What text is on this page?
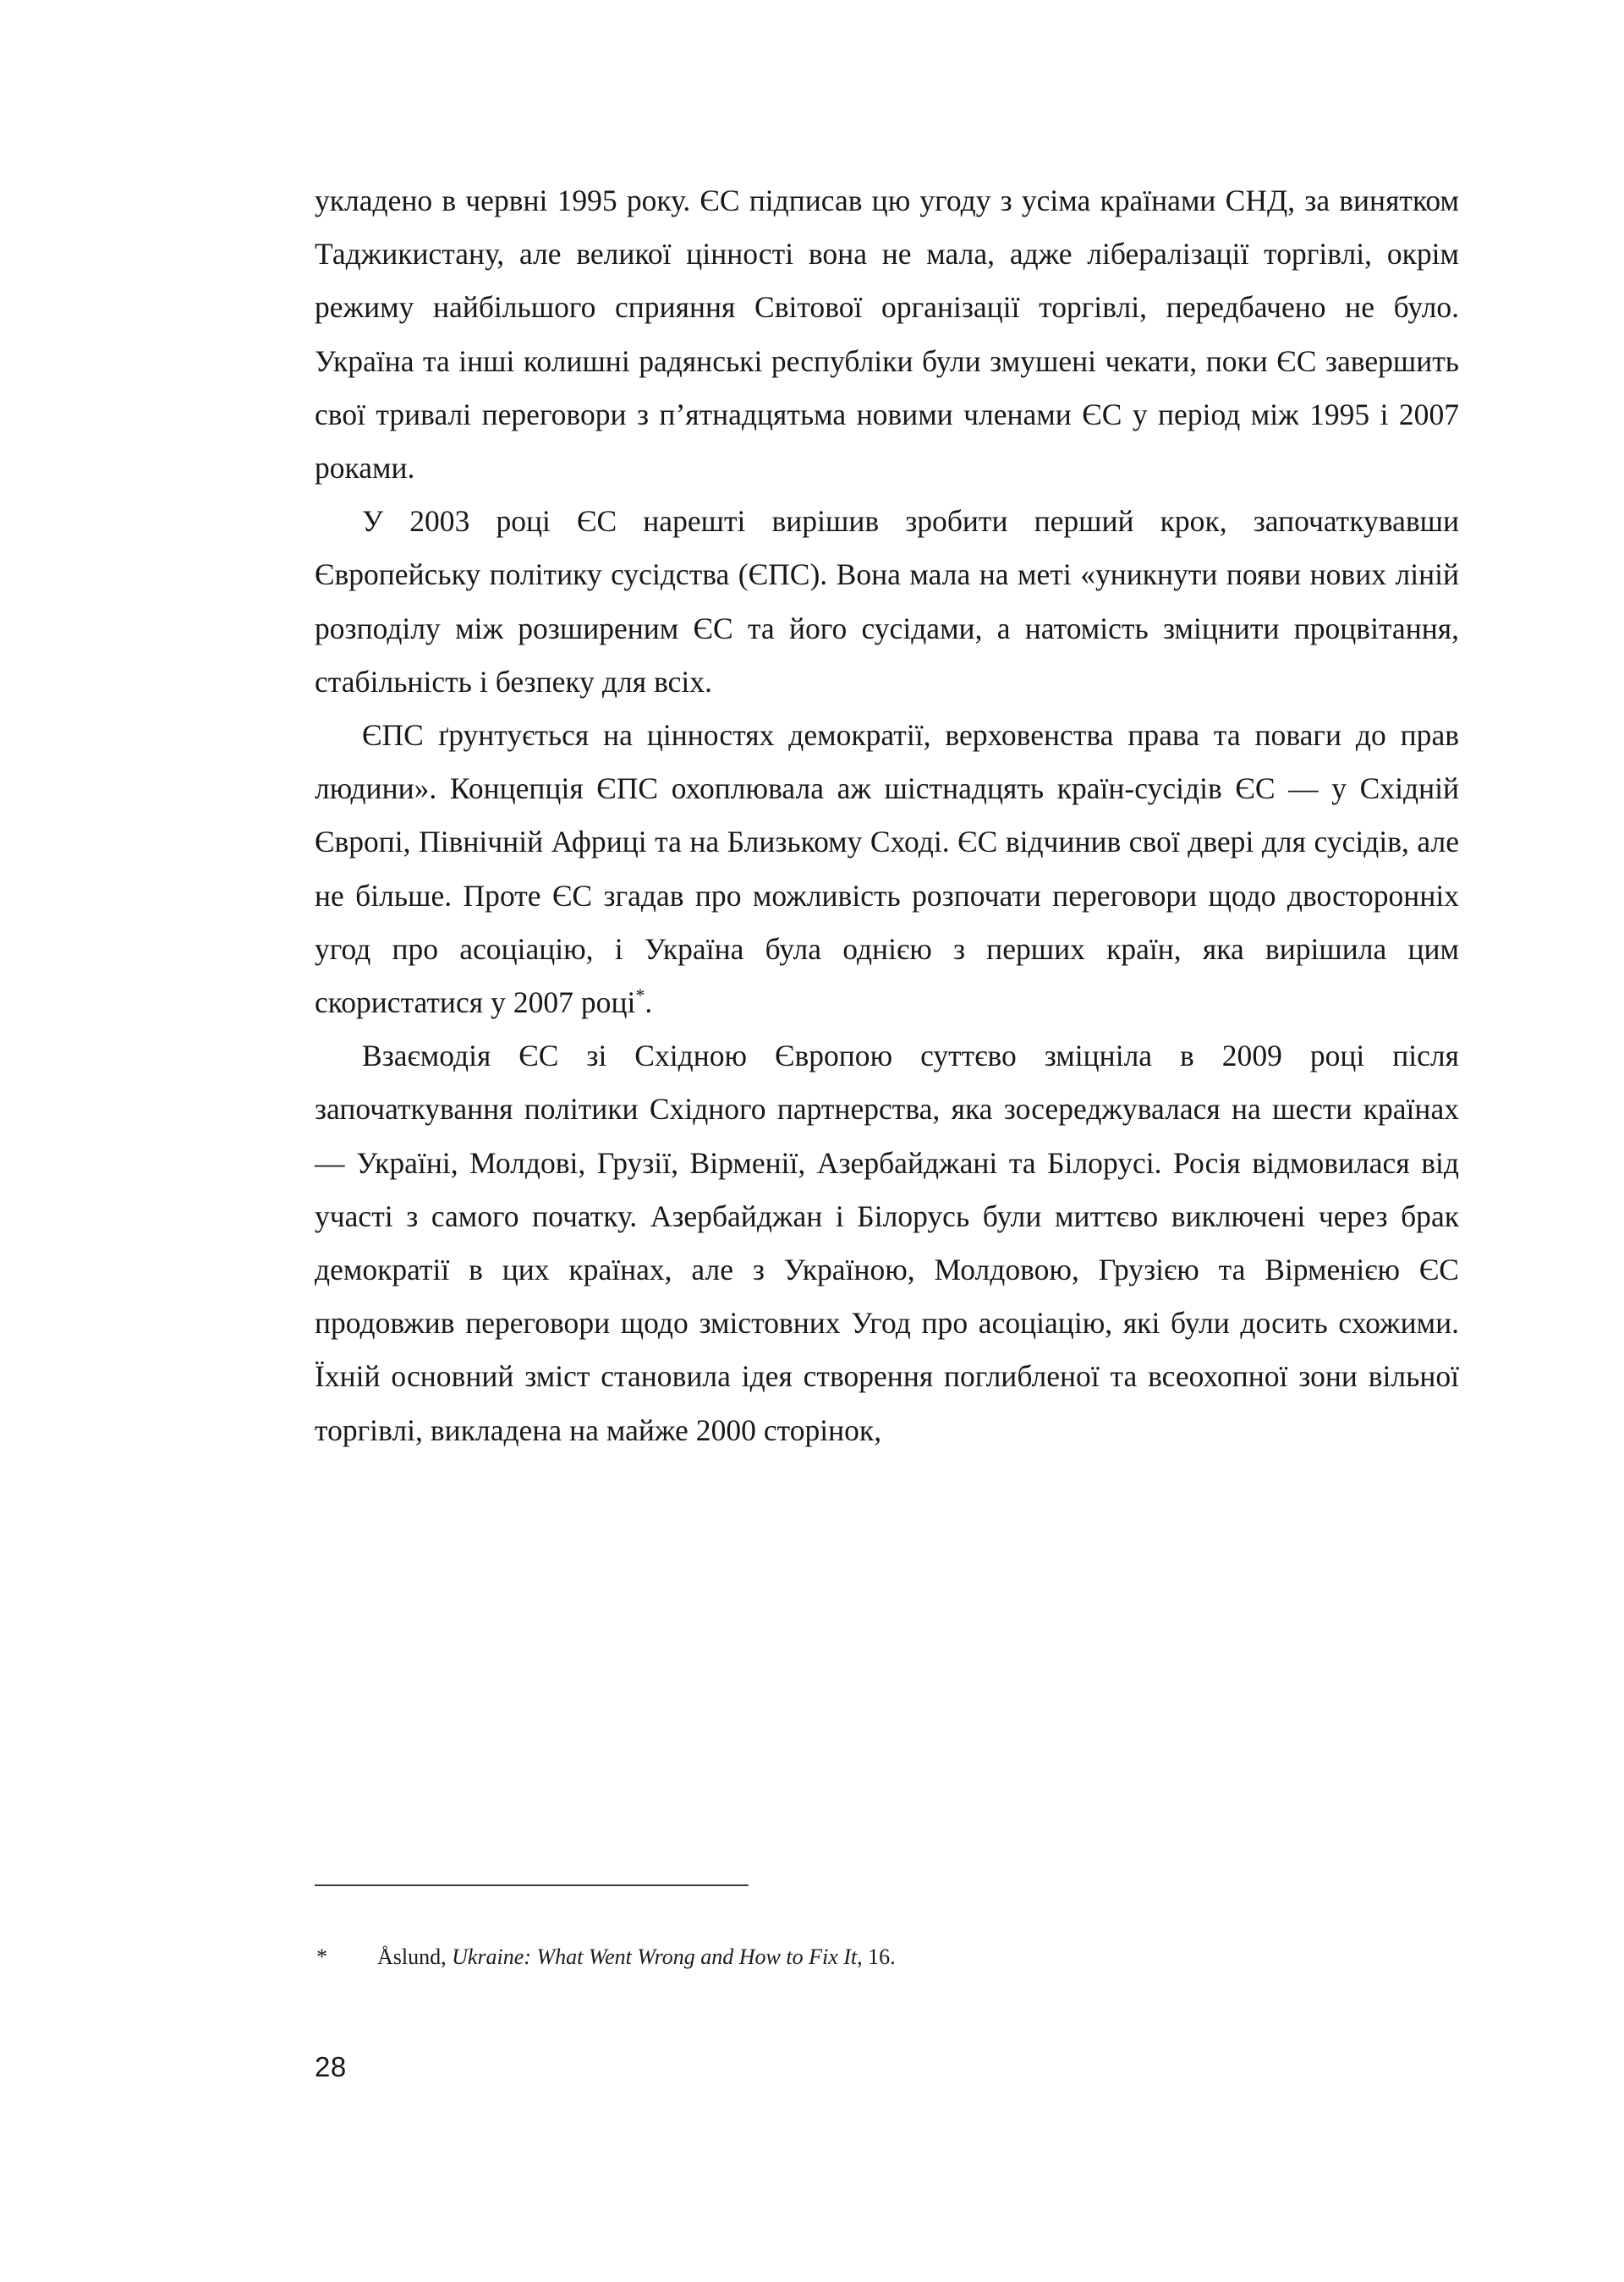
укладено в червні 1995 року. ЄС підписав цю угоду з усіма країнами СНД, за винятком Таджикистану, але великої цінності вона не мала, адже лібералізації торгівлі, окрім режиму найбільшого сприяння Світової організації торгівлі, передбачено не було. Україна та інші колишні радянські республіки були змушені чекати, поки ЄС завершить свої тривалі переговори з п’ятнадцятьма новими членами ЄС у період між 1995 і 2007 роками.

У 2003 році ЄС нарешті вирішив зробити перший крок, започаткувавши Європейську політику сусідства (ЄПС). Вона мала на меті «уникнути появи нових ліній розподілу між розширеним ЄС та його сусідами, а натомість зміцнити процвітання, стабільність і безпеку для всіх.

ЄПС ґрунтується на цінностях демократії, верховенства права та поваги до прав людини». Концепція ЄПС охоплювала аж шістнадцять країн-сусідів ЄС — у Східній Європі, Північній Африці та на Близькому Сході. ЄС відчинив свої двері для сусідів, але не більше. Проте ЄС згадав про можливість розпочати переговори щодо двосторонніх угод про асоціацію, і Україна була однією з перших країн, яка вирішила цим скористатися у 2007 році*.

Взаємодія ЄС зі Східною Європою суттєво зміцніла в 2009 році після започаткування політики Східного партнерства, яка зосереджувалася на шести країнах — Україні, Молдові, Грузії, Вірменії, Азербайджані та Білорусі. Росія відмовилася від участі з самого початку. Азербайджан і Білорусь були миттєво виключені через брак демократії в цих країнах, але з Україною, Молдовою, Грузією та Вірменією ЄС продовжив переговори щодо змістовних Угод про асоціацію, які були досить схожими. Їхній основний зміст становила ідея створення поглибленої та всеохопної зони вільної торгівлі, викладена на майже 2000 сторінок,

*	Åslund, Ukraine: What Went Wrong and How to Fix It, 16.
28
